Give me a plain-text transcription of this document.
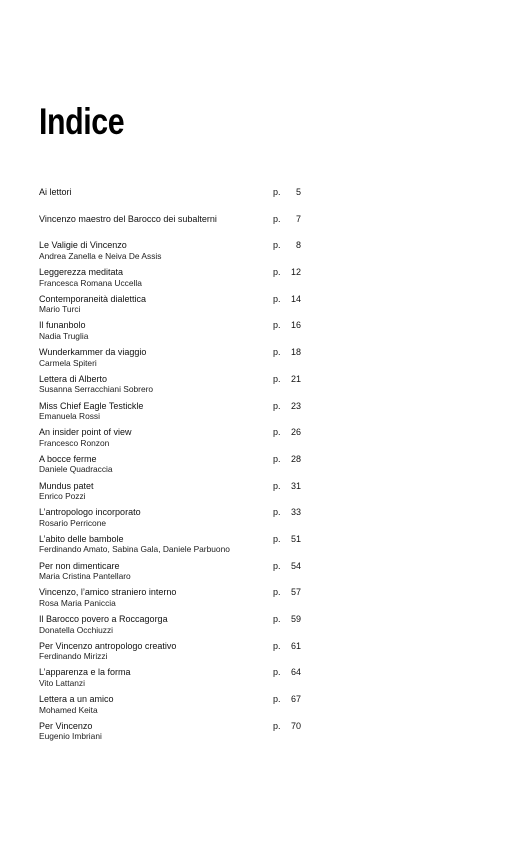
Indice
Ai lettori	p. 5
Vincenzo maestro del Barocco dei subalterni	p. 7
Le Valigie di Vincenzo
Andrea Zanella e Neiva De Assis
p. 8
Leggerezza meditata
Francesca Romana Uccella
p. 12
Contemporaneità dialettica
Mario Turci
p. 14
Il funanbolo
Nadia Truglia
p. 16
Wunderkammer da viaggio
Carmela Spiteri
p. 18
Lettera di Alberto
Susanna Serracchiani Sobrero
p. 21
Miss Chief Eagle Testickle
Emanuela Rossi
p. 23
An insider point of view
Francesco Ronzon
p. 26
A bocce ferme
Daniele Quadraccia
p. 28
Mundus patet
Enrico Pozzi
p. 31
L’antropologo incorporato
Rosario Perricone
p. 33
L’abito delle bambole
Ferdinando Amato, Sabina Gala, Daniele Parbuono
p. 51
Per non dimenticare
Maria Cristina Pantellaro
p. 54
Vincenzo, l’amico straniero interno
Rosa Maria Paniccia
p. 57
Il Barocco povero a Roccagorga
Donatella Occhiuzzi
p. 59
Per Vincenzo antropologo creativo
Ferdinando Mirizzi
p. 61
L’apparenza e la forma
Vito Lattanzi
p. 64
Lettera a un amico
Mohamed Keita
p. 67
Per Vincenzo
Eugenio Imbriani
p. 70
